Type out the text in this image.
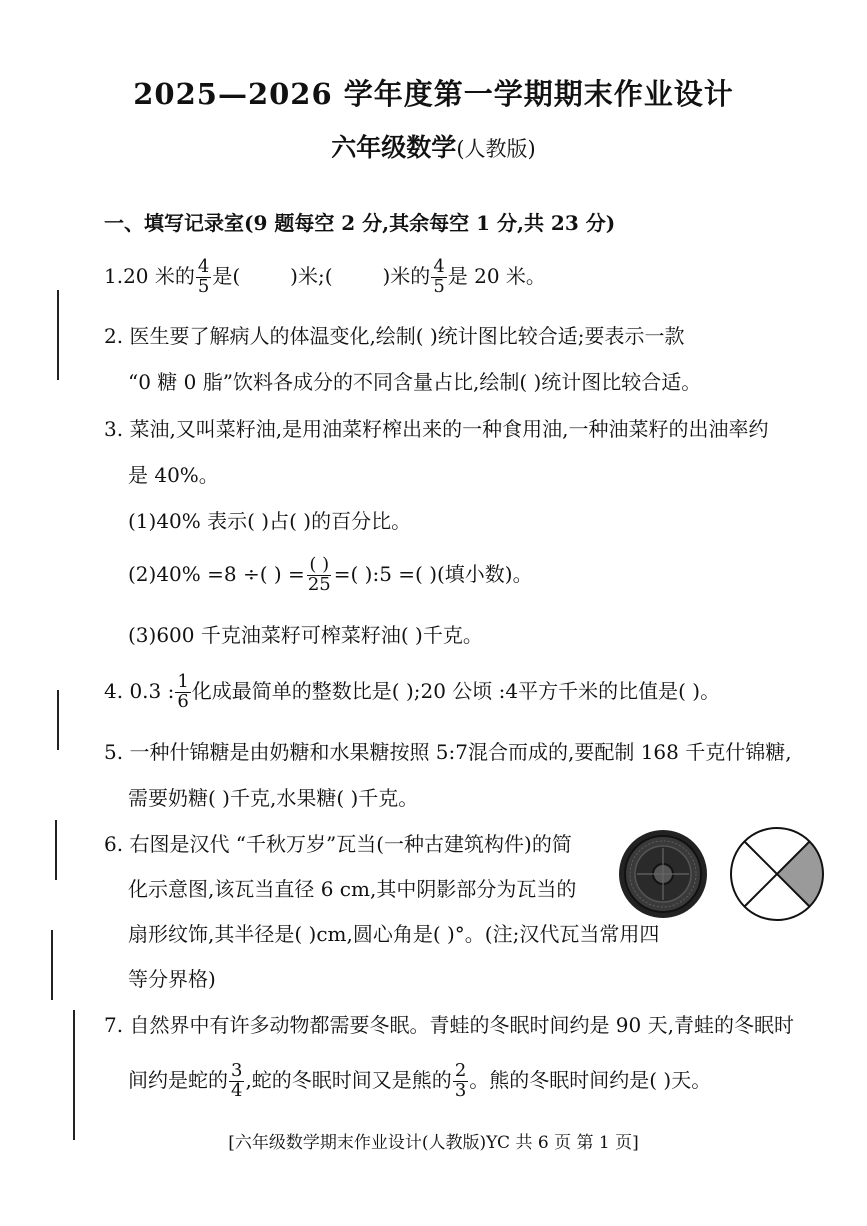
2025—2026 学年度第一学期期末作业设计
六年级数学(人教版)
一、填写记录室(9 题每空 2 分,其余每空 1 分,共 23 分)
1.20 米的 $\frac{4}{5}$ 是(	)米;(	)米的 $\frac{4}{5}$ 是 20 米。
2. 医生要了解病人的体温变化,绘制( )统计图比较合适;要表示一款
“0 糖 0 脂”饮料各成分的不同含量占比,绘制( )统计图比较合适。
3. 菜油,又叫菜籽油,是用油菜籽榨出来的一种食用油,一种油菜籽的出油率约
是 40%。
(1)40% 表示( )占( )的百分比。
(2)40% =8 ÷( ) = $\frac{( )}{25}$ =( ):5 =( )(填小数)。
(3)600 千克油菜籽可榨菜籽油( )千克。
4. 0.3 : $\frac{1}{6}$ 化成最简单的整数比是( );20 公顷 :4平方千米的比值是( )。
5. 一种什锦糖是由奶糖和水果糖按照 5:7混合而成的,要配制 168 千克什锦糖,
需要奶糖( )千克,水果糖( )千克。
6. 右图是汉代 “千秋万岁”瓦当(一种古建筑构件)的简
化示意图,该瓦当直径 6 cm,其中阴影部分为瓦当的
扇形纹饰,其半径是( )cm,圆心角是( )°。(注;汉代瓦当常用四
等分界格)
7. 自然界中有许多动物都需要冬眠。青蛙的冬眠时间约是 90 天,青蛙的冬眠时
间约是蛇的 $\frac{3}{4}$ ,蛇的冬眠时间又是熊的 $\frac{2}{3}$ 。熊的冬眠时间约是( )天。
[六年级数学期末作业设计(人教版)YC 共 6 页 第 1 页]
